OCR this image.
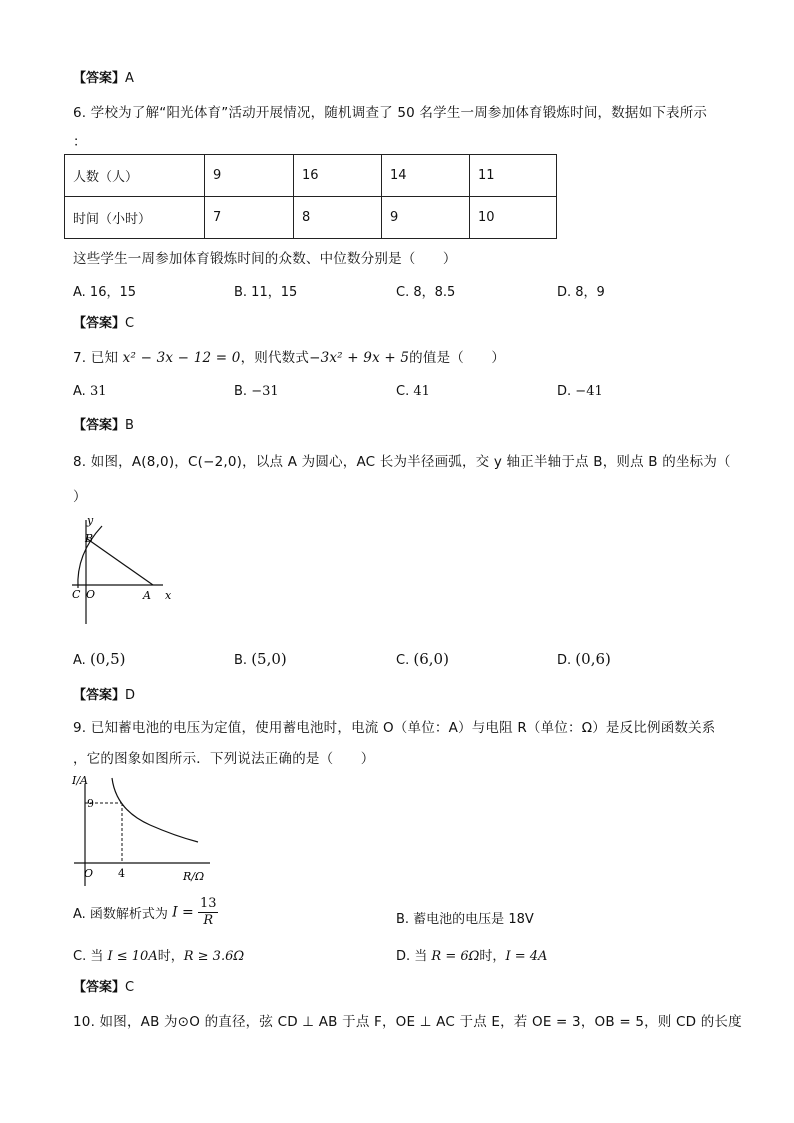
【答案】A
6. 学校为了解“阳光体育”活动开展情况，随机调查了 50 名学生一周参加体育锻炼时间，数据如下表所示
：
人数（人）	9	16	14	11
时间（小时）	7	8	9	10
这些学生一周参加体育锻炼时间的众数、中位数分别是（　　）
A. 16，15	B. 11，15	C. 8，8.5	D. 8，9
【答案】C
7. 已知 x² − 3x − 12 = 0，则代数式−3x² + 9x + 5的值是（　　）
A. 31	B. −31	C. 41	D. −41
【答案】B
8. 如图，A(8,0)，C(−2,0)，以点 A 为圆心，AC 长为半径画弧，交 y 轴正半轴于点 B，则点 B 的坐标为（
）
y
x
B
C O	A
A. (0,5)	B. (5,0)	C. (6,0)	D. (0,6)
【答案】D
9. 已知蓄电池的电压为定值，使用蓄电池时，电流 O（单位：A）与电阻 R（单位：Ω）是反比例函数关系
，它的图象如图所示．下列说法正确的是（　　）
I/A
R/Ω
O
9
4
A. 函数解析式为 $I = \frac{13}{R}$	B. 蓄电池的电压是 18V
C. 当 I ≤ 10A时，R ≥ 3.6Ω	D. 当 R = 6Ω时，I = 4A
【答案】C
10. 如图，AB 为⊙O 的直径，弦 CD ⊥ AB 于点 F，OE ⊥ AC 于点 E，若 OE = 3，OB = 5，则 CD 的长度
